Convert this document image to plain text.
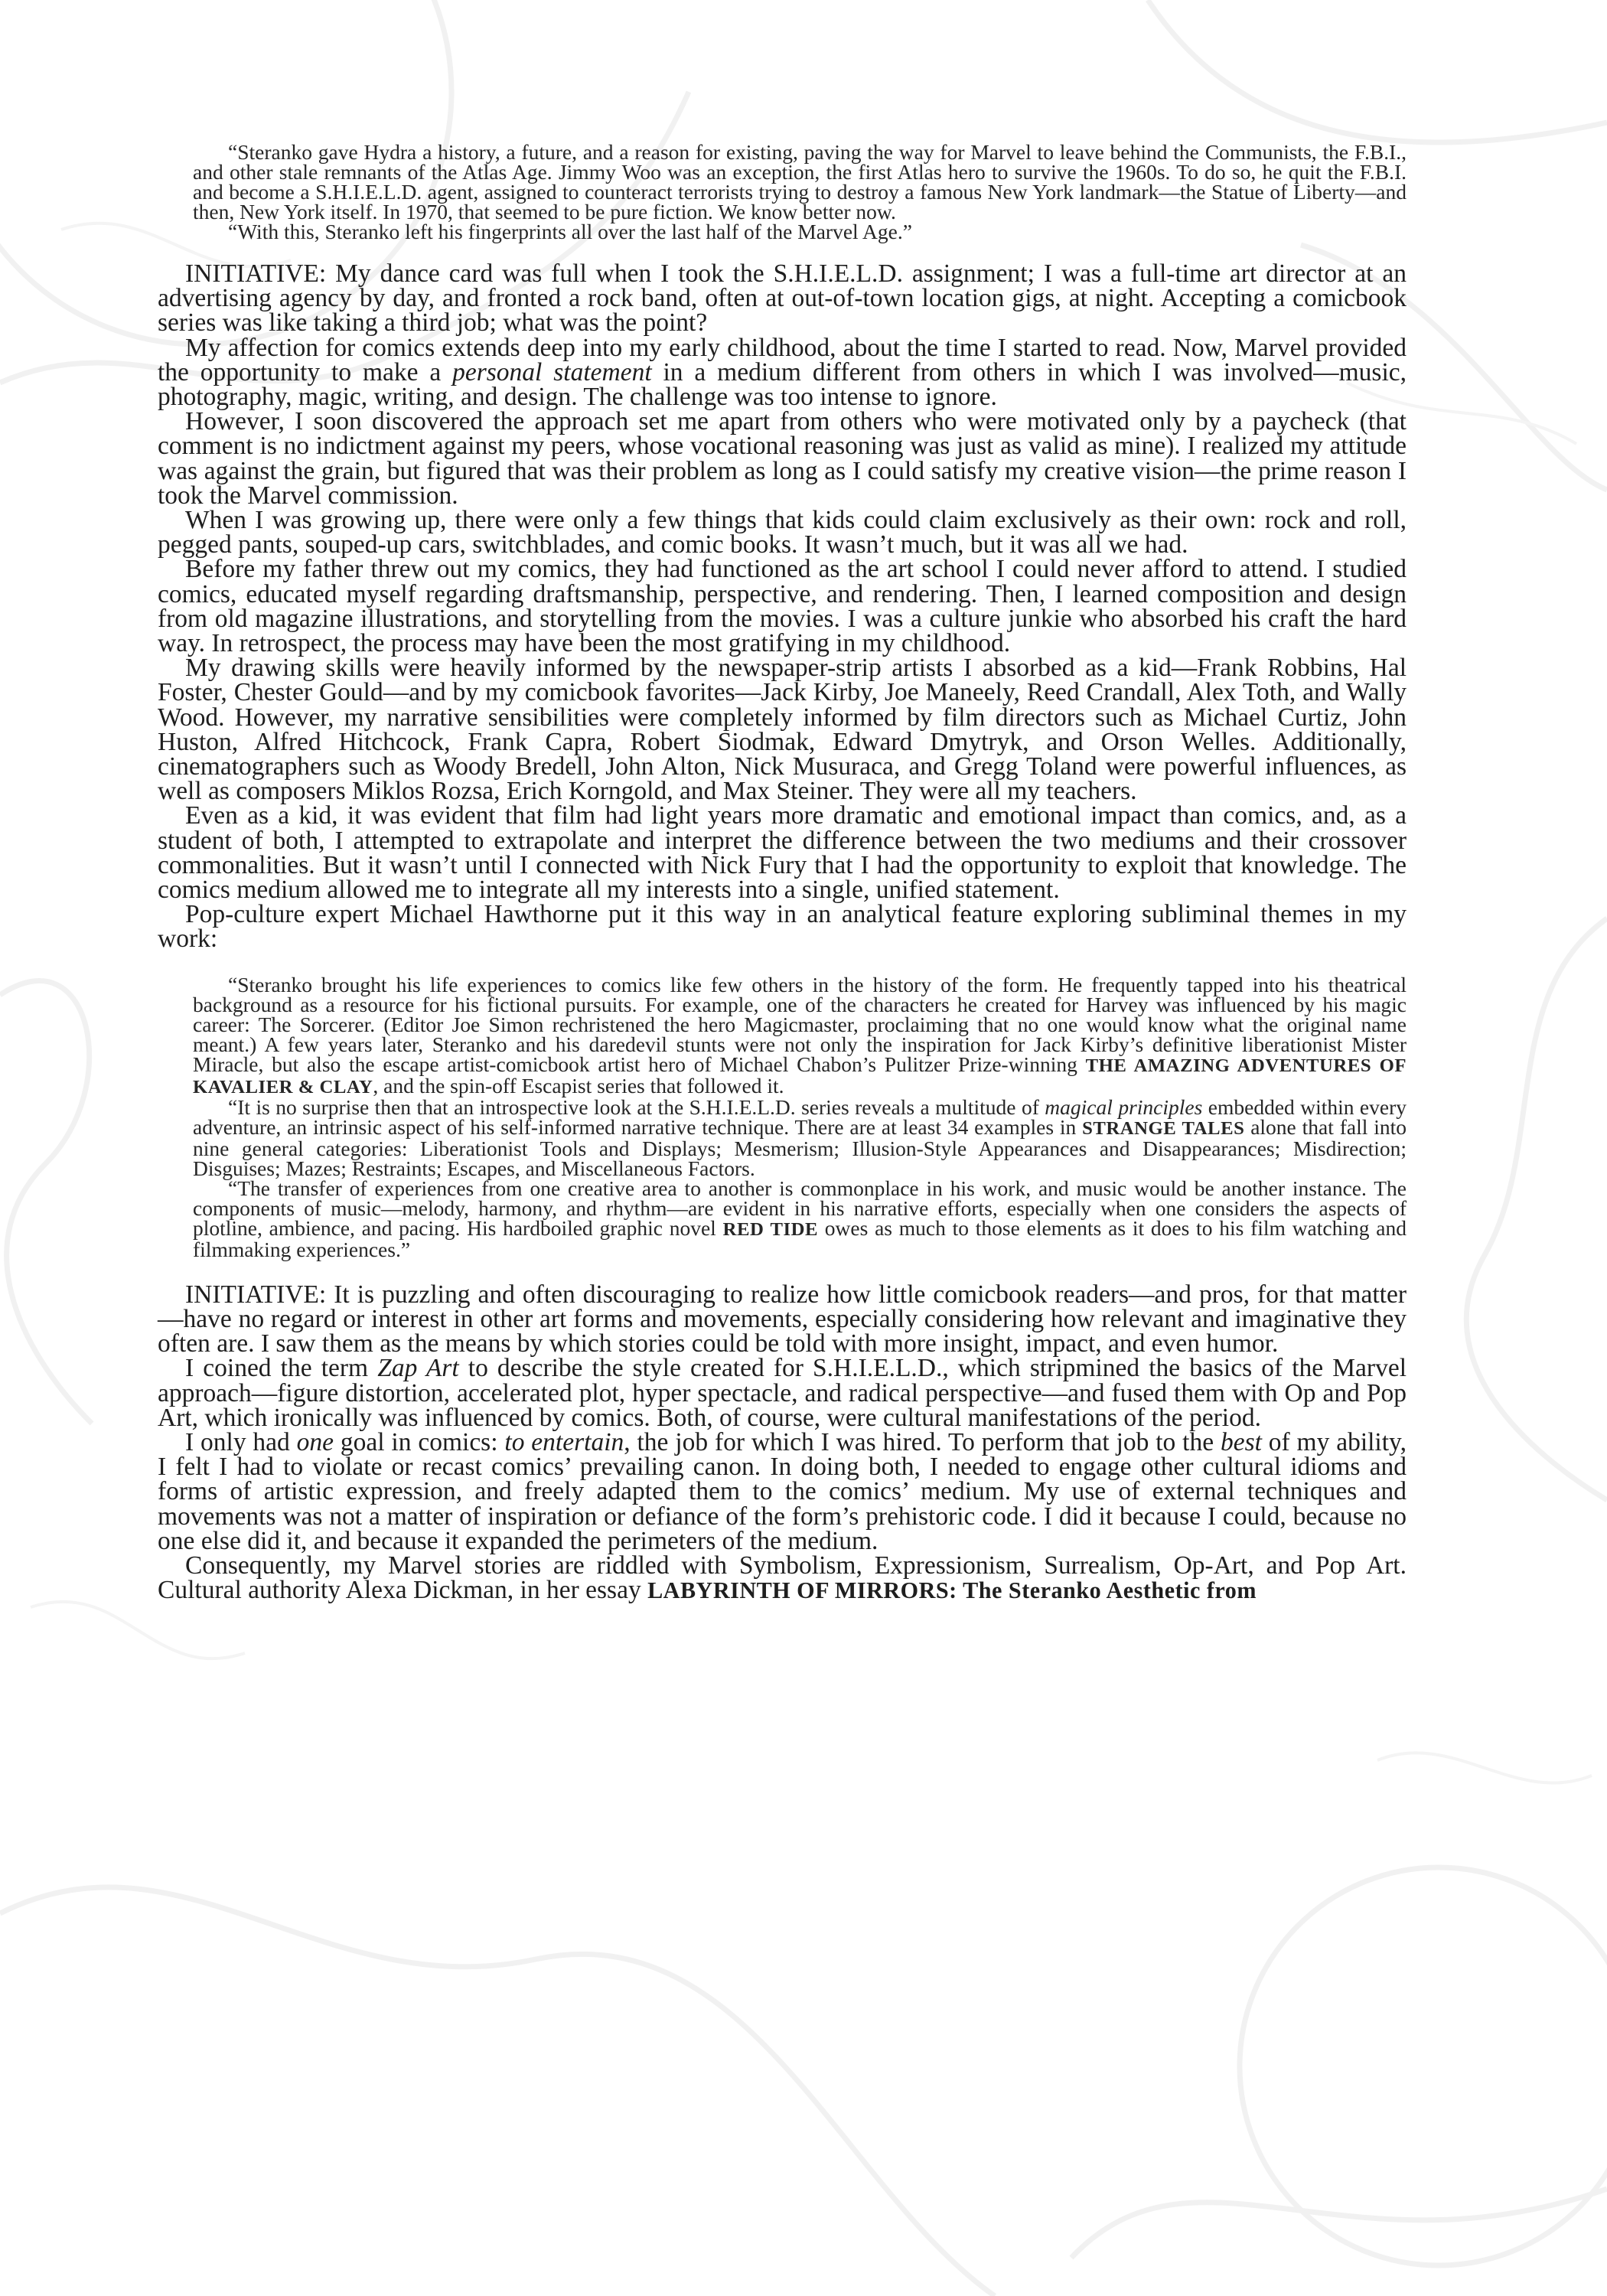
“Steranko gave Hydra a history, a future, and a reason for existing, paving the way for Marvel to leave behind the Communists, the F.B.I., and other stale remnants of the Atlas Age. Jimmy Woo was an exception, the first Atlas hero to survive the 1960s. To do so, he quit the F.B.I. and become a S.H.I.E.L.D. agent, assigned to counteract terrorists trying to destroy a famous New York landmark—the Statue of Liberty—and then, New York itself. In 1970, that seemed to be pure fiction. We know better now.

“With this, Steranko left his fingerprints all over the last half of the Marvel Age.”

INITIATIVE: My dance card was full when I took the S.H.I.E.L.D. assignment; I was a full-time art director at an advertising agency by day, and fronted a rock band, often at out-of-town location gigs, at night. Accepting a comicbook series was like taking a third job; what was the point?

My affection for comics extends deep into my early childhood, about the time I started to read. Now, Marvel provided the opportunity to make a personal statement in a medium different from others in which I was involved—music, photography, magic, writing, and design. The challenge was too intense to ignore.

However, I soon discovered the approach set me apart from others who were motivated only by a paycheck (that comment is no indictment against my peers, whose vocational reasoning was just as valid as mine). I realized my attitude was against the grain, but figured that was their problem as long as I could satisfy my creative vision—the prime reason I took the Marvel commission.

When I was growing up, there were only a few things that kids could claim exclusively as their own: rock and roll, pegged pants, souped-up cars, switchblades, and comic books. It wasn’t much, but it was all we had.

Before my father threw out my comics, they had functioned as the art school I could never afford to attend. I studied comics, educated myself regarding draftsmanship, perspective, and rendering. Then, I learned composition and design from old magazine illustrations, and storytelling from the movies. I was a culture junkie who absorbed his craft the hard way. In retrospect, the process may have been the most gratifying in my childhood.

My drawing skills were heavily informed by the newspaper-strip artists I absorbed as a kid—Frank Robbins, Hal Foster, Chester Gould—and by my comicbook favorites—Jack Kirby, Joe Maneely, Reed Crandall, Alex Toth, and Wally Wood. However, my narrative sensibilities were completely informed by film directors such as Michael Curtiz, John Huston, Alfred Hitchcock, Frank Capra, Robert Siodmak, Edward Dmytryk, and Orson Welles. Additionally, cinematographers such as Woody Bredell, John Alton, Nick Musuraca, and Gregg Toland were powerful influences, as well as composers Miklos Rozsa, Erich Korngold, and Max Steiner. They were all my teachers.

Even as a kid, it was evident that film had light years more dramatic and emotional impact than comics, and, as a student of both, I attempted to extrapolate and interpret the difference between the two mediums and their crossover commonalities. But it wasn’t until I connected with Nick Fury that I had the opportunity to exploit that knowledge. The comics medium allowed me to integrate all my interests into a single, unified statement.

Pop-culture expert Michael Hawthorne put it this way in an analytical feature exploring subliminal themes in my work:

“Steranko brought his life experiences to comics like few others in the history of the form. He frequently tapped into his theatrical background as a resource for his fictional pursuits. For example, one of the characters he created for Harvey was influenced by his magic career: The Sorcerer. (Editor Joe Simon rechristened the hero Magicmaster, proclaiming that no one would know what the original name meant.) A few years later, Steranko and his daredevil stunts were not only the inspiration for Jack Kirby’s definitive liberationist Mister Miracle, but also the escape artist-comicbook artist hero of Michael Chabon’s Pulitzer Prize-winning THE AMAZING ADVENTURES OF KAVALIER & CLAY, and the spin-off Escapist series that followed it.

“It is no surprise then that an introspective look at the S.H.I.E.L.D. series reveals a multitude of magical principles embedded within every adventure, an intrinsic aspect of his self-informed narrative technique. There are at least 34 examples in STRANGE TALES alone that fall into nine general categories: Liberationist Tools and Displays; Mesmerism; Illusion-Style Appearances and Disappearances; Misdirection; Disguises; Mazes; Restraints; Escapes, and Miscellaneous Factors.

“The transfer of experiences from one creative area to another is commonplace in his work, and music would be another instance. The components of music—melody, harmony, and rhythm—are evident in his narrative efforts, especially when one considers the aspects of plotline, ambience, and pacing. His hardboiled graphic novel RED TIDE owes as much to those elements as it does to his film watching and filmmaking experiences.”

INITIATIVE: It is puzzling and often discouraging to realize how little comicbook readers—and pros, for that matter—have no regard or interest in other art forms and movements, especially considering how relevant and imaginative they often are. I saw them as the means by which stories could be told with more insight, impact, and even humor.

I coined the term Zap Art to describe the style created for S.H.I.E.L.D., which stripmined the basics of the Marvel approach—figure distortion, accelerated plot, hyper spectacle, and radical perspective—and fused them with Op and Pop Art, which ironically was influenced by comics. Both, of course, were cultural manifestations of the period.

I only had one goal in comics: to entertain, the job for which I was hired. To perform that job to the best of my ability, I felt I had to violate or recast comics’ prevailing canon. In doing both, I needed to engage other cultural idioms and forms of artistic expression, and freely adapted them to the comics’ medium. My use of external techniques and movements was not a matter of inspiration or defiance of the form’s prehistoric code. I did it because I could, because no one else did it, and because it expanded the perimeters of the medium.

Consequently, my Marvel stories are riddled with Symbolism, Expressionism, Surrealism, Op-Art, and Pop Art. Cultural authority Alexa Dickman, in her essay LABYRINTH OF MIRRORS: The Steranko Aesthetic from
